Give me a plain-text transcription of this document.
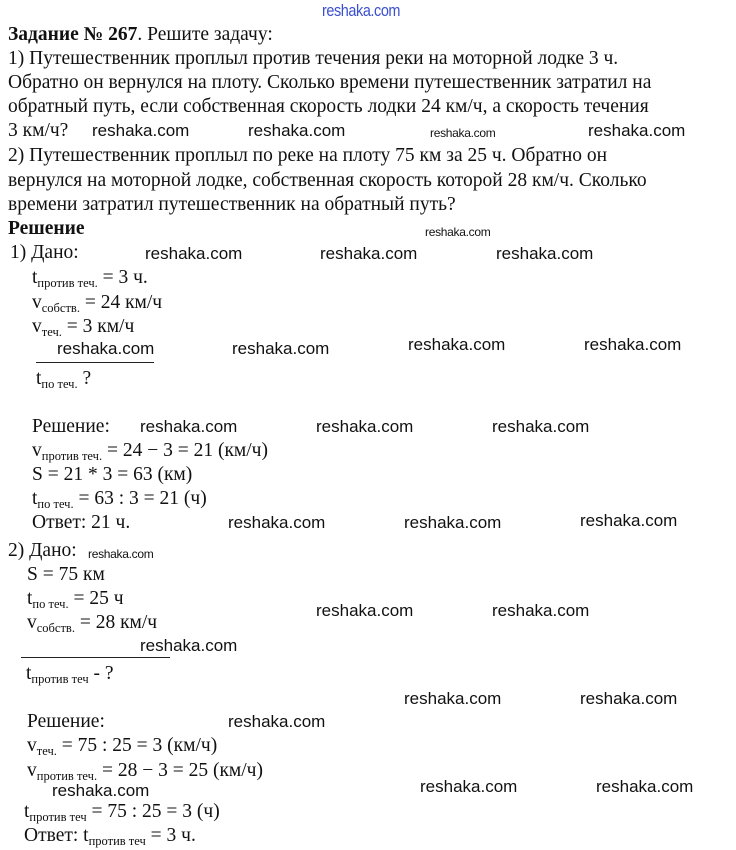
reshaka.com
Задание № 267. Решите задачу:
1) Путешественник проплыл против течения реки на моторной лодке 3 ч.
Обратно он вернулся на плоту. Сколько времени путешественник затратил на
обратный путь, если собственная скорость лодки 24 км/ч, а скорость течения
3 км/ч?
2) Путешественник проплыл по реке на плоту 75 км за 25 ч. Обратно он
вернулся на моторной лодке, собственная скорость которой 28 км/ч. Сколько
времени затратил путешественник на обратный путь?
Решение
1) Дано:
$t_{против теч.} = 3$ ч.
$v_{собств.} = 24$ км/ч
$v_{теч.} = 3$ км/ч
$t_{по теч.}$ ?
Решение:
$v_{против теч.} = 24 - 3 = 21$ (км/ч)
S = 21 * 3 = 63 (км)
$t_{по теч.} = 63$ : 3 = 21 (ч)
Ответ: 21 ч.
2) Дано:
S = 75 км
$t_{по теч.} = 25$ ч
$v_{собств.} = 28$ км/ч
$t_{против теч}$ - ?
Решение:
$v_{теч.} = 75$ : 25 = 3 (км/ч)
$v_{против теч.} = 28 - 3 = 25$ (км/ч)
$t_{против теч} = 75$ : 25 = 3 (ч)
Ответ: $t_{против теч} = 3$ ч.
reshaka.com
reshaka.com	reshaka.com	reshaka.com
reshaka.com
reshaka.com	reshaka.com	reshaka.com
reshaka.com	reshaka.com	reshaka.com	reshaka.com
reshaka.com	reshaka.com	reshaka.com
reshaka.com	reshaka.com	reshaka.com
reshaka.com
reshaka.com	reshaka.com
reshaka.com
reshaka.com	reshaka.com
reshaka.com
reshaka.com	reshaka.com
reshaka.com
